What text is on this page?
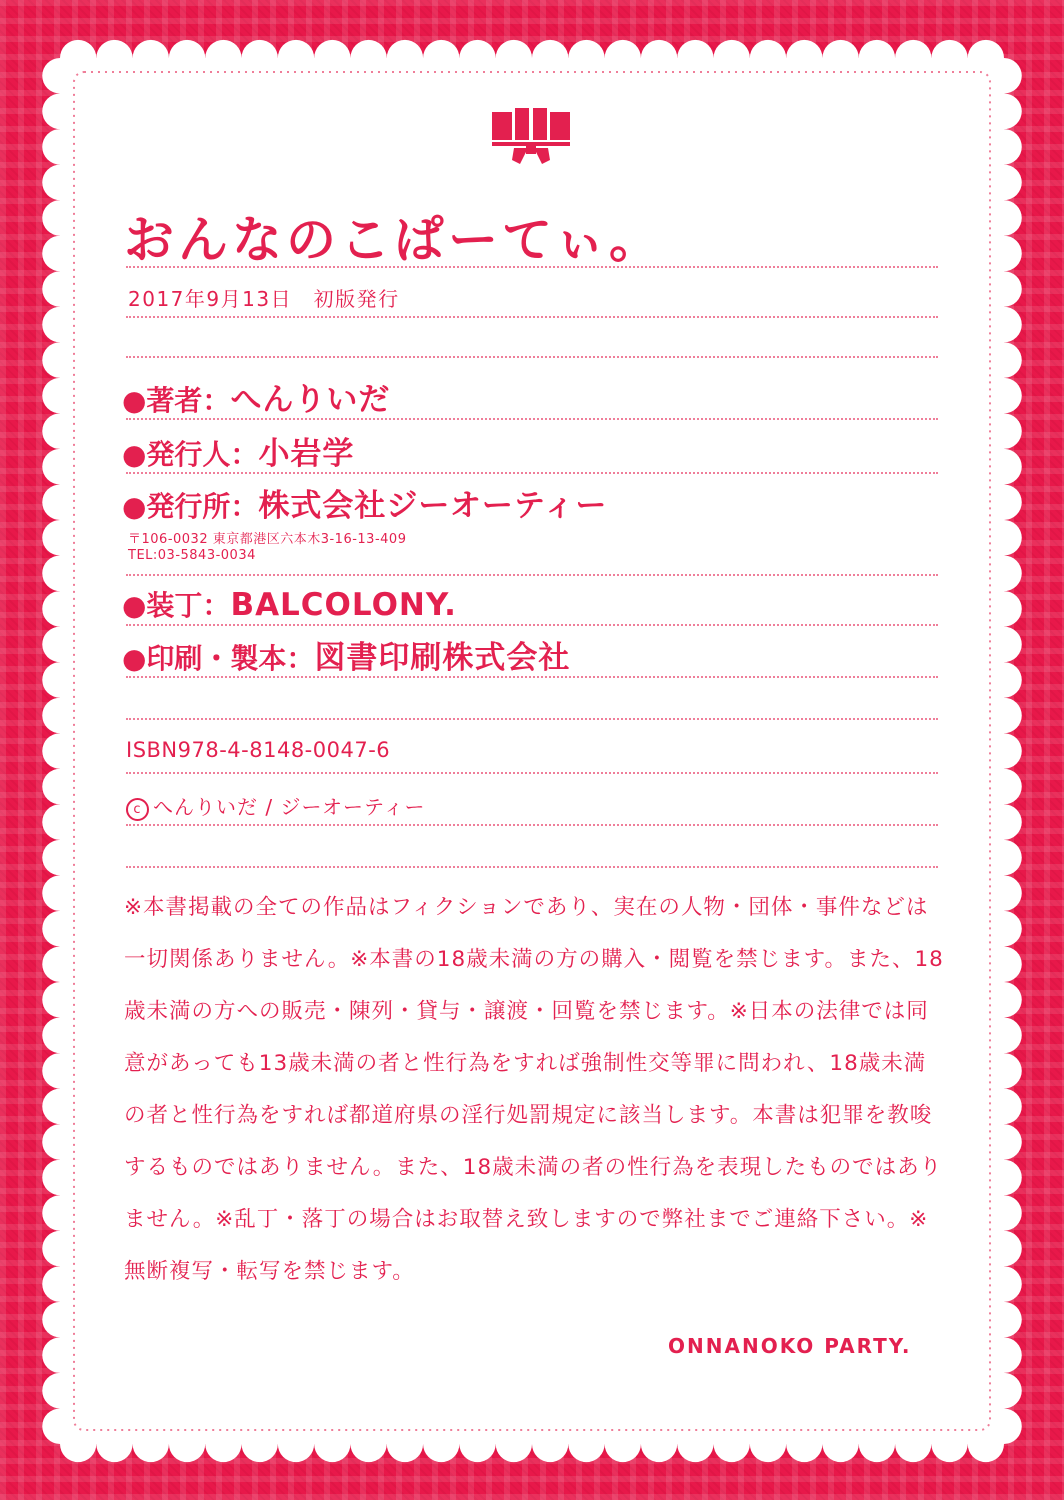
おんなのこぱーてぃ。
2017年9月13日　初版発行
●著者：へんりいだ
●発行人：小岩学
●発行所：株式会社ジーオーティー
〒106-0032 東京都港区六本木3-16-13-409
TEL:03-5843-0034
●装丁：BALCOLONY.
●印刷・製本：図書印刷株式会社
ISBN978-4-8148-0047-6
c へんりいだ / ジーオーティー
※本書掲載の全ての作品はフィクションであり、実在の人物・団体・事件などは一切関係ありません。※本書の18歳未満の方の購入・閲覧を禁じます。また、18歳未満の方への販売・陳列・貸与・譲渡・回覧を禁じます。※日本の法律では同意があっても13歳未満の者と性行為をすれば強制性交等罪に問われ、18歳未満の者と性行為をすれば都道府県の淫行処罰規定に該当します。本書は犯罪を教唆するものではありません。また、18歳未満の者の性行為を表現したものではありません。※乱丁・落丁の場合はお取替え致しますので弊社までご連絡下さい。※無断複写・転写を禁じます。
ONNANOKO PARTY.
